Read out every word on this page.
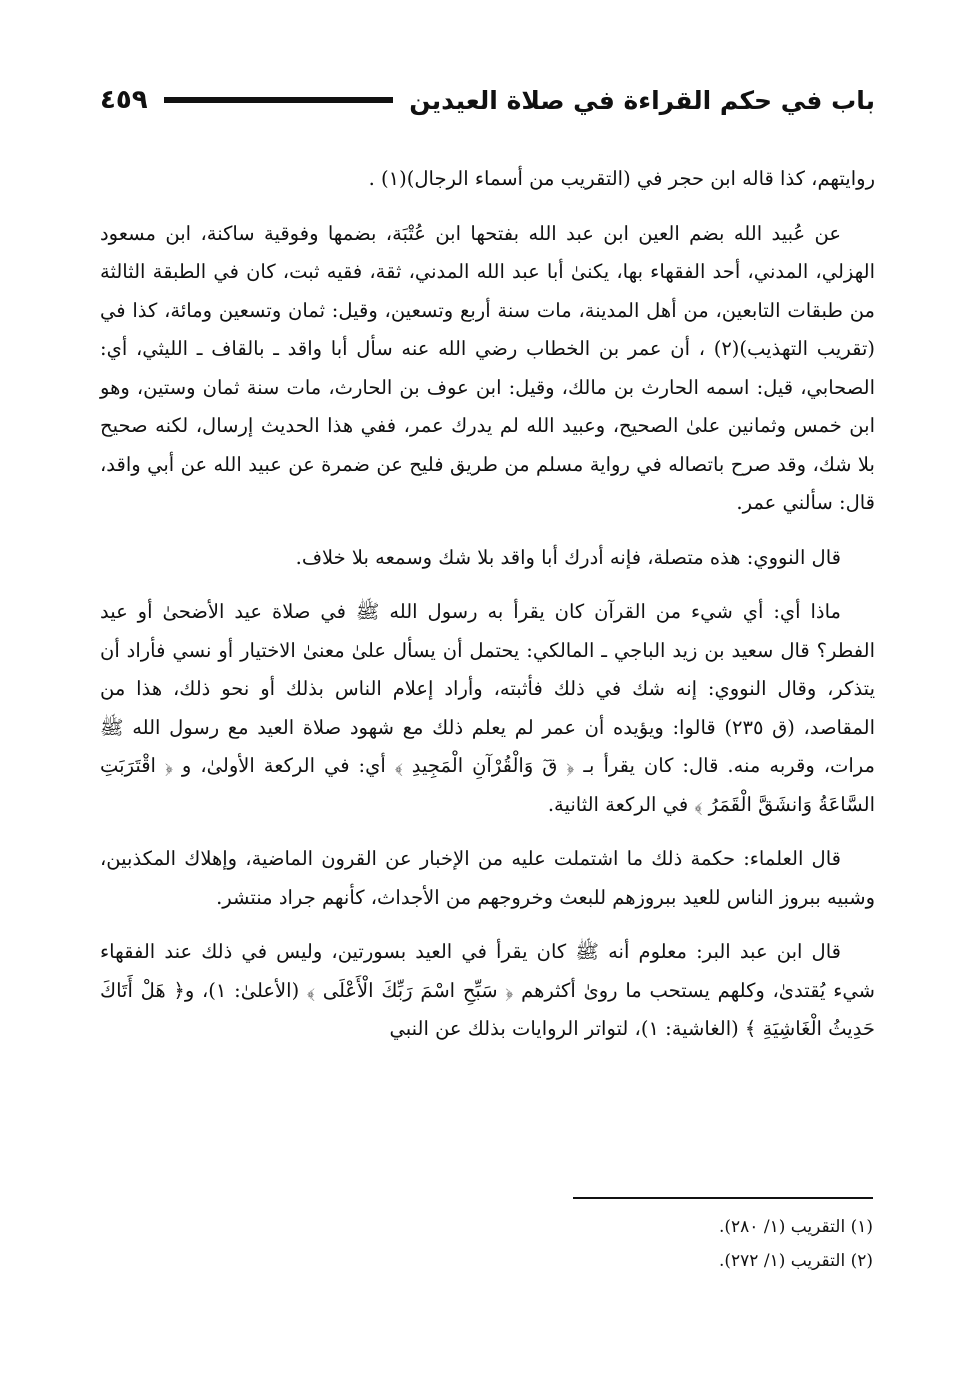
باب في حكم القراءة في صلاة العيدين
٤٥٩

روايتهم، كذا قاله ابن حجر في (التقريب من أسماء الرجال)(١) .

عن عُبيد الله بضم العين ابن عبد الله بفتحها ابن عُتْبَة، بضمها وفوقية ساكنة، ابن مسعود الهزلي، المدني، أحد الفقهاء بها، يكنىٰ أبا عبد الله المدني، ثقة، فقيه ثبت، كان في الطبقة الثالثة من طبقات التابعين، من أهل المدينة، مات سنة أربع وتسعين، وقيل: ثمان وتسعين ومائة، كذا في (تقريب التهذيب)(٢) ، أن عمر بن الخطاب رضي الله عنه سأل أبا واقد ـ بالقاف ـ الليثي، أي: الصحابي، قيل: اسمه الحارث بن مالك، وقيل: ابن عوف بن الحارث، مات سنة ثمان وستين، وهو ابن خمس وثمانين علىٰ الصحيح، وعبيد الله لم يدرك عمر، ففي هذا الحديث إرسال، لكنه صحيح بلا شك، وقد صرح باتصاله في رواية مسلم من طريق فليح عن ضمرة عن عبيد الله عن أبي واقد، قال: سألني عمر.

قال النووي: هذه متصلة، فإنه أدرك أبا واقد بلا شك وسمعه بلا خلاف.

ماذا أي: أي شيء من القرآن كان يقرأ به رسول الله ﷺ في صلاة عيد الأضحىٰ أو عيد الفطر؟ قال سعيد بن زيد الباجي ـ المالكي: يحتمل أن يسأل علىٰ معنىٰ الاختيار أو نسي فأراد أن يتذكر، وقال النووي: إنه شك في ذلك فأثبته، وأراد إعلام الناس بذلك أو نحو ذلك، هذا من المقاصد، (ق ٢٣٥) قالوا: ويؤيده أن عمر لم يعلم ذلك مع شهود صلاة العيد مع رسول الله ﷺ مرات، وقربه منه. قال: كان يقرأ بـ ﴿ قٓ وَالْقُرْآنِ الْمَجِيدِ ﴾ أي: في الركعة الأولىٰ، و ﴿ اقْتَرَبَتِ السَّاعَةُ وَانشَقَّ الْقَمَرُ ﴾ في الركعة الثانية.

قال العلماء: حكمة ذلك ما اشتملت عليه من الإخبار عن القرون الماضية، وإهلاك المكذبين، وشبيه ببروز الناس للعيد ببروزهم للبعث وخروجهم من الأجداث، كأنهم جراد منتشر.

قال ابن عبد البر: معلوم أنه ﷺ كان يقرأ في العيد بسورتين، وليس في ذلك عند الفقهاء شيء يُقتدىٰ، وكلهم يستحب ما روىٰ أكثرهم ﴿ سَبِّحِ اسْمَ رَبِّكَ الْأَعْلَى ﴾ (الأعلىٰ: ١)، و﴿ هَلْ أَتَاكَ حَدِيثُ الْغَاشِيَةِ ﴾ (الغاشية: ١)، لتواتر الروايات بذلك عن النبي

(١) التقريب (١/ ٢٨٠).
(٢) التقريب (١/ ٢٧٢).
